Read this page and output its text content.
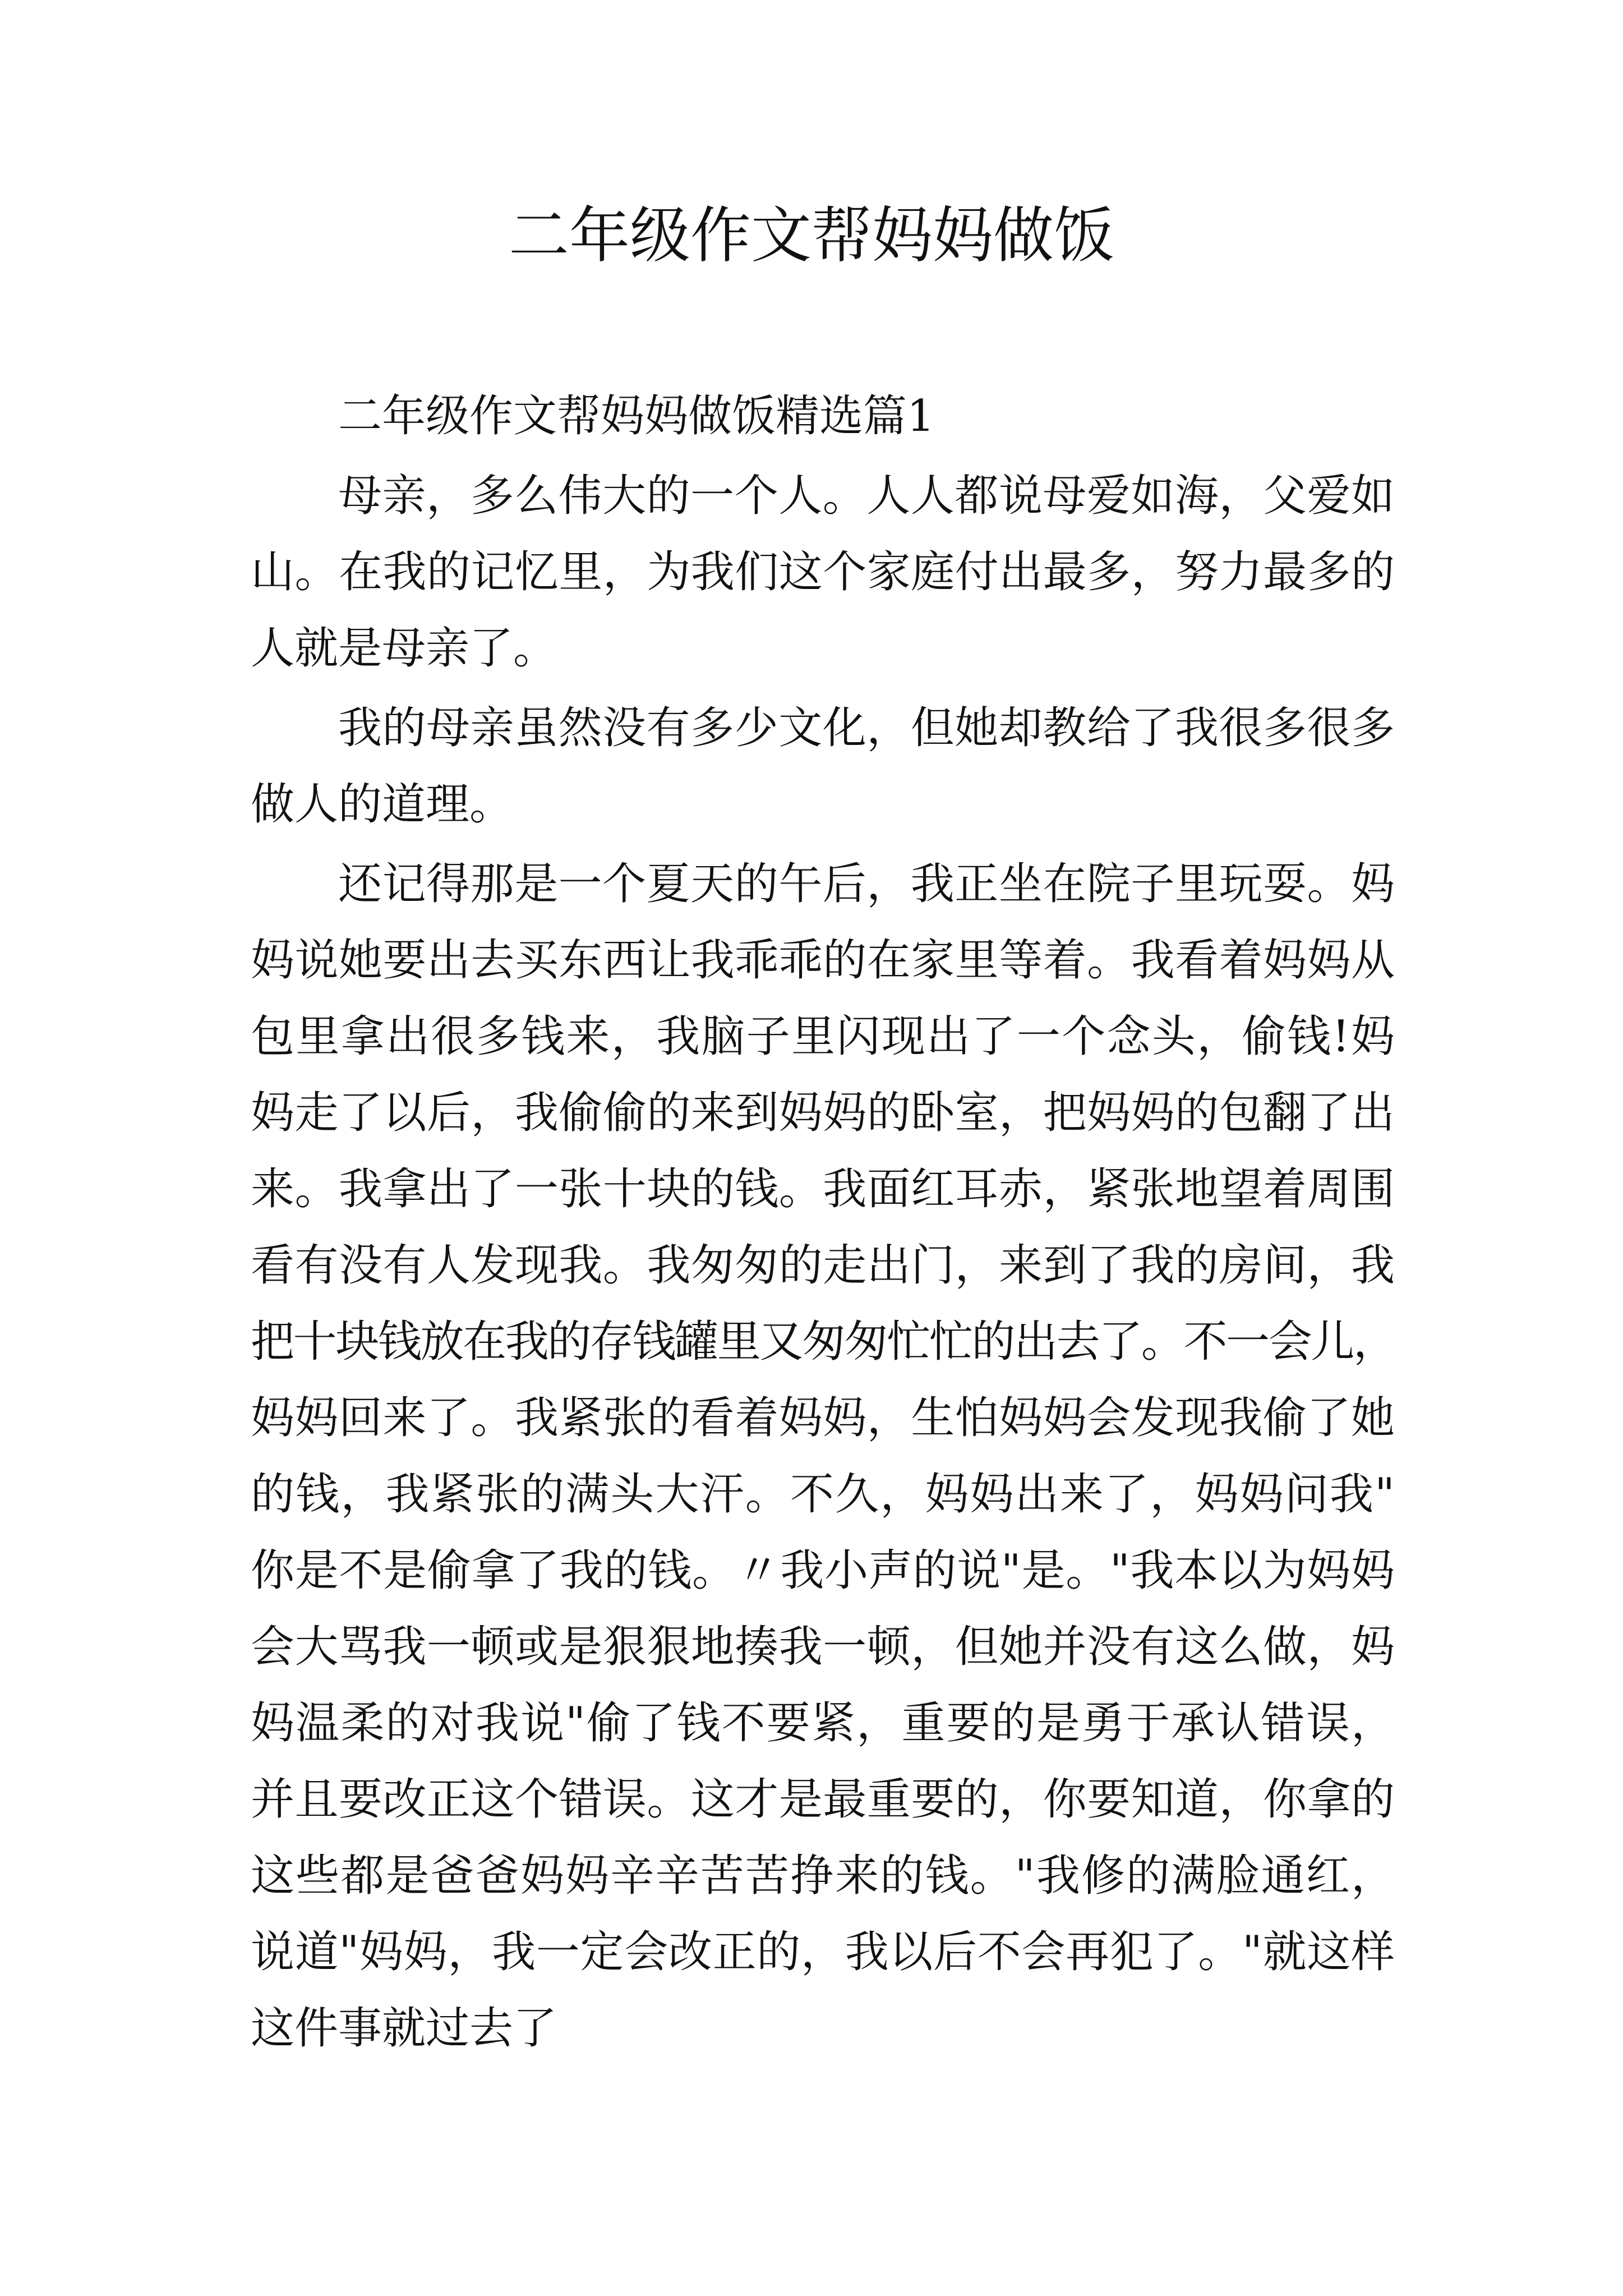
二年级作文帮妈妈做饭
二年级作文帮妈妈做饭精选篇1
母亲，多么伟大的一个人。人人都说母爱如海，父爱如
山。在我的记忆里，为我们这个家庭付出最多，努力最多的
人就是母亲了。
我的母亲虽然没有多少文化，但她却教给了我很多很多
做人的道理。
还记得那是一个夏天的午后，我正坐在院子里玩耍。妈
妈说她要出去买东西让我乖乖的在家里等着。我看着妈妈从
包里拿出很多钱来，我脑子里闪现出了一个念头，偷钱!妈
妈走了以后，我偷偷的来到妈妈的卧室，把妈妈的包翻了出
来。我拿出了一张十块的钱。我面红耳赤，紧张地望着周围
看有没有人发现我。我匆匆的走出门，来到了我的房间，我
把十块钱放在我的存钱罐里又匆匆忙忙的出去了。不一会儿，
妈妈回来了。我紧张的看着妈妈，生怕妈妈会发现我偷了她
的钱，我紧张的满头大汗。不久，妈妈出来了，妈妈问我"
你是不是偷拿了我的钱。〃我小声的说"是。"我本以为妈妈
会大骂我一顿或是狠狠地揍我一顿，但她并没有这么做，妈
妈温柔的对我说"偷了钱不要紧，重要的是勇于承认错误，
并且要改正这个错误。这才是最重要的，你要知道，你拿的
这些都是爸爸妈妈辛辛苦苦挣来的钱。"我修的满脸通红，
说道"妈妈，我一定会改正的，我以后不会再犯了。"就这样
这件事就过去了
